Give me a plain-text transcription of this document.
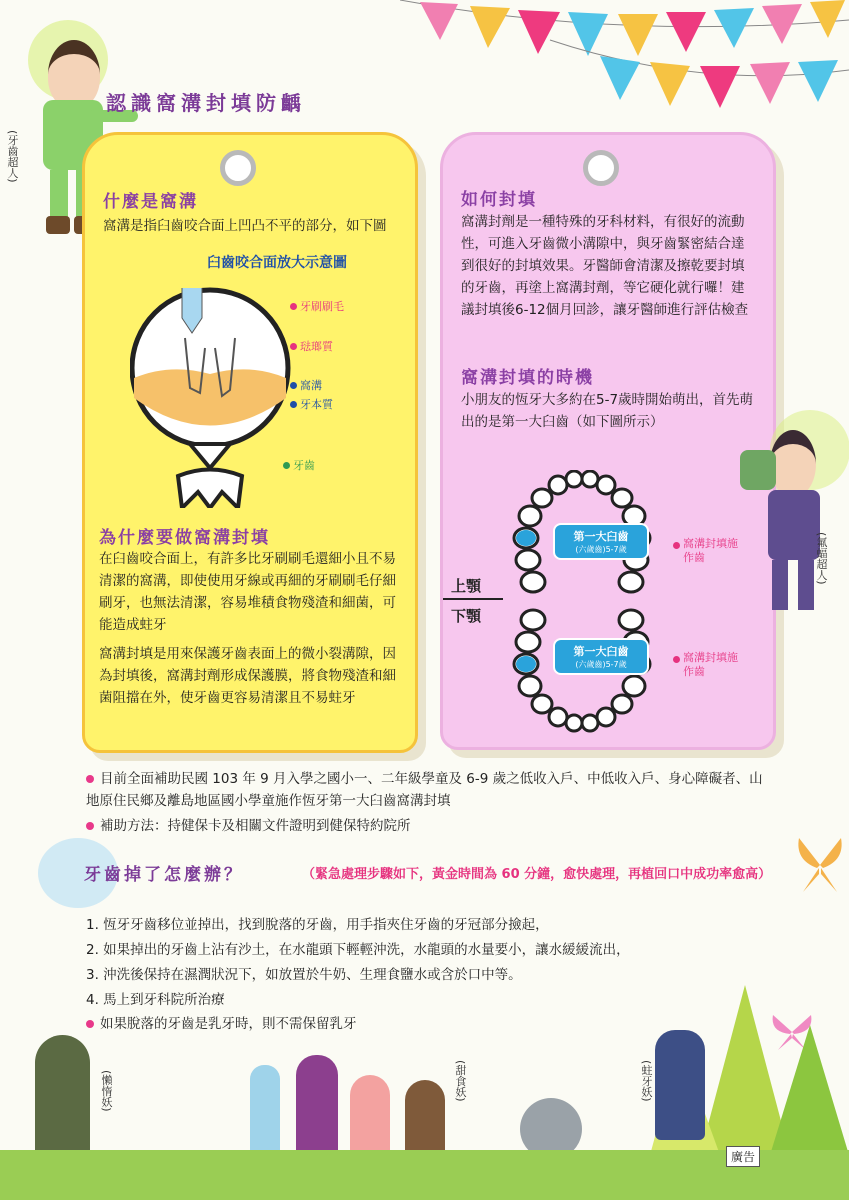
(牙齒超人)
認識窩溝封填防齲
什麼是窩溝
窩溝是指臼齒咬合面上凹凸不平的部分，如下圖
臼齒咬合面放大示意圖
牙刷刷毛
琺瑯質
窩溝
牙本質
牙齒
為什麼要做窩溝封填
在臼齒咬合面上，有許多比牙刷刷毛還細小且不易清潔的窩溝，即使使用牙線或再細的牙刷刷毛仔細刷牙，也無法清潔，容易堆積食物殘渣和細菌，可能造成蛀牙
窩溝封填是用來保護牙齒表面上的微小裂溝隙，因為封填後，窩溝封劑形成保護膜，將食物殘渣和細菌阻擋在外，使牙齒更容易清潔且不易蛀牙
如何封填
窩溝封劑是一種特殊的牙科材料，有很好的流動性，可進入牙齒微小溝隙中，與牙齒緊密結合達到很好的封填效果。牙醫師會清潔及擦乾要封填的牙齒，再塗上窩溝封劑，等它硬化就行囉！建議封填後6-12個月回診，讓牙醫師進行評估檢查
窩溝封填的時機
小朋友的恆牙大多約在5-7歲時開始萌出，首先萌出的是第一大臼齒（如下圖所示）
第一大臼齒
(六歲齒)5-7歲
第一大臼齒
(六歲齒)5-7歲
上顎
下顎
窩溝封填施作齒
窩溝封填施作齒
(氟蝠超人)
目前全面補助民國 103 年 9 月入學之國小一、二年級學童及 6-9 歲之低收入戶、中低收入戶、身心障礙者、山地原住民鄉及離島地區國小學童施作恆牙第一大臼齒窩溝封填
補助方法：持健保卡及相關文件證明到健保特約院所
牙齒掉了怎麼辦？	（緊急處理步驟如下，黃金時間為 60 分鐘，愈快處理，再植回口中成功率愈高）
1. 恆牙牙齒移位並掉出，找到脫落的牙齒，用手指夾住牙齒的牙冠部分撿起，
2. 如果掉出的牙齒上沾有沙土，在水龍頭下輕輕沖洗，水龍頭的水量要小，讓水緩緩流出，
3. 沖洗後保持在濕潤狀況下，如放置於牛奶、生理食鹽水或含於口中等。
4. 馬上到牙科院所治療
如果脫落的牙齒是乳牙時，則不需保留乳牙
(懶惰妖)	(甜食妖)	(蛀牙妖)
廣告
